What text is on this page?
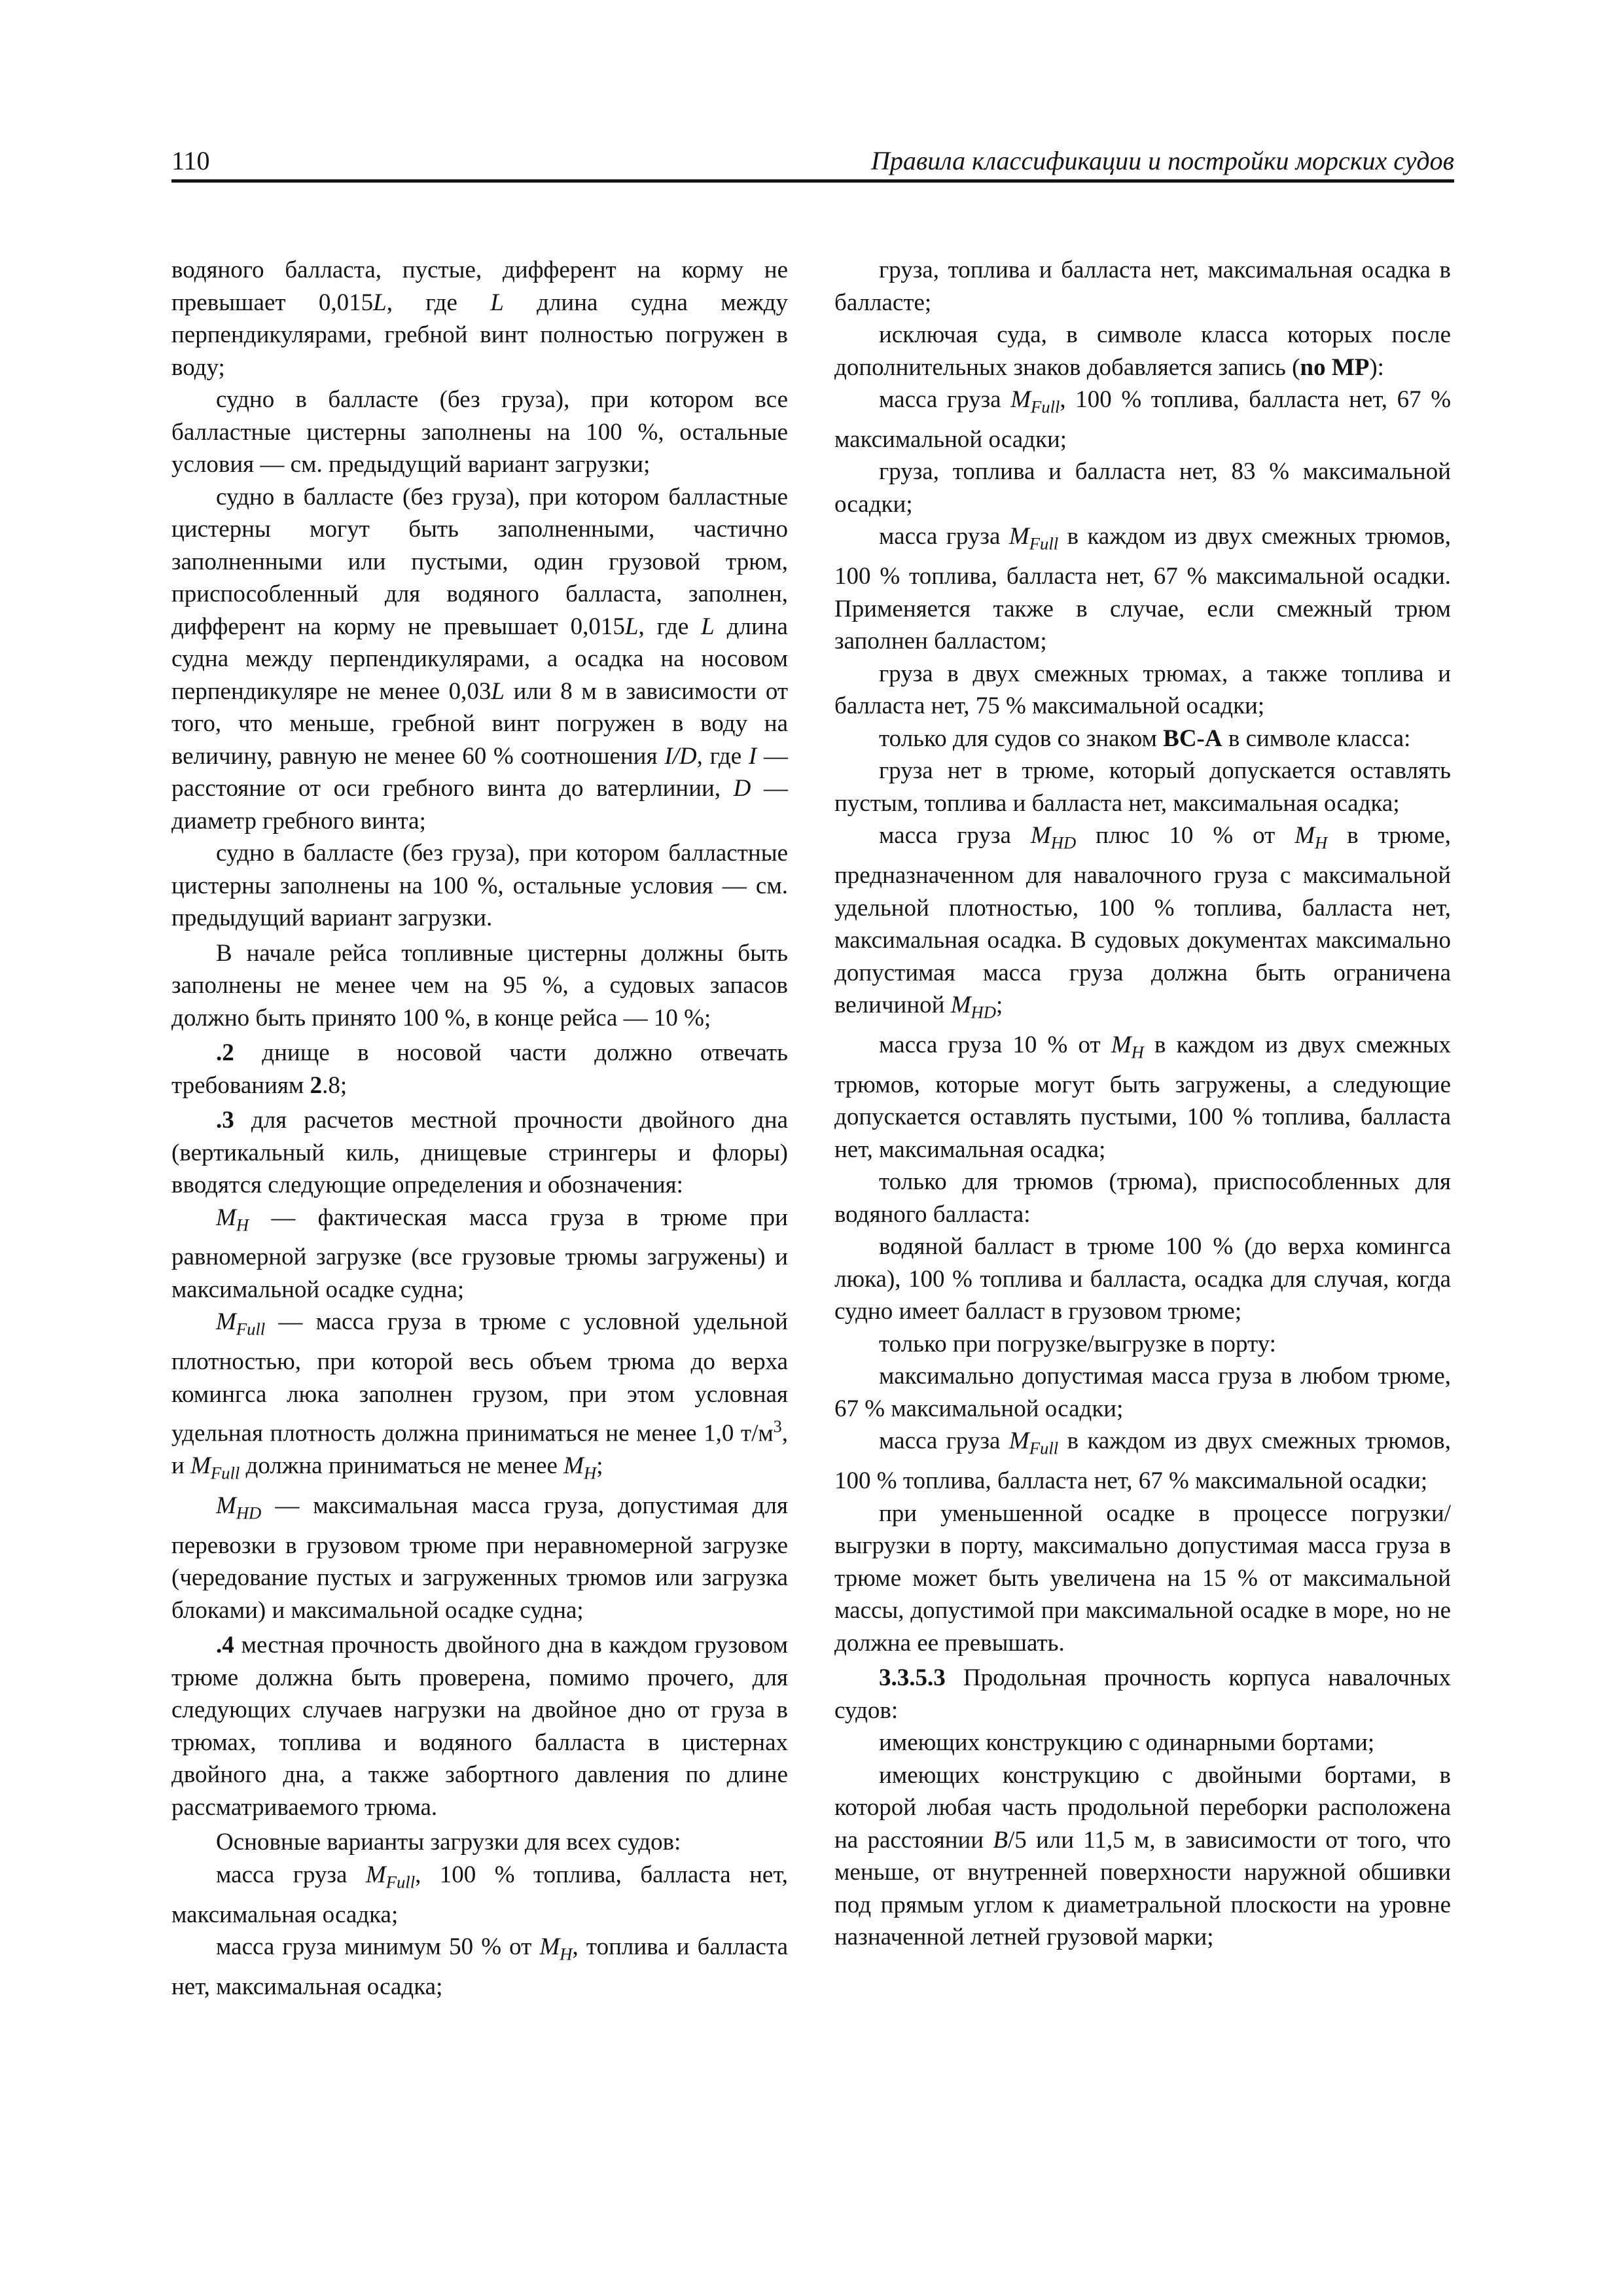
110	Правила классификации и постройки морских судов

водяного балласта, пустые, дифферент на корму не превышает 0,015L, где L длина судна между перпендикулярами, гребной винт полностью погружен в воду;

судно в балласте (без груза), при котором все балластные цистерны заполнены на 100 %, остальные условия — см. предыдущий вариант загрузки;

судно в балласте (без груза), при котором балластные цистерны могут быть заполненными, частично заполненными или пустыми, один грузовой трюм, приспособленный для водяного балласта, заполнен, дифферент на корму не превышает 0,015L, где L длина судна между перпендикулярами, а осадка на носовом перпендикуляре не менее 0,03L или 8 м в зависимости от того, что меньше, гребной винт погружен в воду на величину, равную не менее 60 % соотношения I/D, где I — расстояние от оси гребного винта до ватерлинии, D — диаметр гребного винта;

судно в балласте (без груза), при котором балластные цистерны заполнены на 100 %, остальные условия — см. предыдущий вариант загрузки.

В начале рейса топливные цистерны должны быть заполнены не менее чем на 95 %, а судовых запасов должно быть принято 100 %, в конце рейса — 10 %;

.2 днище в носовой части должно отвечать требованиям 2.8;

.3 для расчетов местной прочности двойного дна (вертикальный киль, днищевые стрингеры и флоры) вводятся следующие определения и обозначения:

$M_H$ — фактическая масса груза в трюме при равномерной загрузке (все грузовые трюмы загружены) и максимальной осадке судна;

$M_{Full}$ — масса груза в трюме с условной удельной плотностью, при которой весь объем трюма до верха комингса люка заполнен грузом, при этом условная удельная плотность должна приниматься не менее 1,0 $т/м^3$, и $M_{Full}$ должна приниматься не менее $M_H$;

$M_{HD}$ — максимальная масса груза, допустимая для перевозки в грузовом трюме при неравномерной загрузке (чередование пустых и загруженных трюмов или загрузка блоками) и максимальной осадке судна;

.4 местная прочность двойного дна в каждом грузовом трюме должна быть проверена, помимо прочего, для следующих случаев нагрузки на двойное дно от груза в трюмах, топлива и водяного балласта в цистернах двойного дна, а также забортного давления по длине рассматриваемого трюма.

Основные варианты загрузки для всех судов:

масса груза $M_{Full}$, 100 % топлива, балласта нет, максимальная осадка;

масса груза минимум 50 % от $M_H$, топлива и балласта нет, максимальная осадка;

груза, топлива и балласта нет, максимальная осадка в балласте;

исключая суда, в символе класса которых после дополнительных знаков добавляется запись (no MP):

масса груза $M_{Full}$, 100 % топлива, балласта нет, 67 % максимальной осадки;

груза, топлива и балласта нет, 83 % максимальной осадки;

масса груза $M_{Full}$ в каждом из двух смежных трюмов, 100 % топлива, балласта нет, 67 % максимальной осадки. Применяется также в случае, если смежный трюм заполнен балластом;

груза в двух смежных трюмах, а также топлива и балласта нет, 75 % максимальной осадки;

только для судов со знаком BC-A в символе класса:

груза нет в трюме, который допускается оставлять пустым, топлива и балласта нет, максимальная осадка;

масса груза $M_{HD}$ плюс 10 % от $M_H$ в трюме, предназначенном для навалочного груза с максимальной удельной плотностью, 100 % топлива, балласта нет, максимальная осадка. В судовых документах максимально допустимая масса груза должна быть ограничена величиной $M_{HD}$;

масса груза 10 % от $M_H$ в каждом из двух смежных трюмов, которые могут быть загружены, а следующие допускается оставлять пустыми, 100 % топлива, балласта нет, максимальная осадка;

только для трюмов (трюма), приспособленных для водяного балласта:

водяной балласт в трюме 100 % (до верха комингса люка), 100 % топлива и балласта, осадка для случая, когда судно имеет балласт в грузовом трюме;

только при погрузке/выгрузке в порту:

максимально допустимая масса груза в любом трюме, 67 % максимальной осадки;

масса груза $M_{Full}$ в каждом из двух смежных трюмов, 100 % топлива, балласта нет, 67 % максимальной осадки;

при уменьшенной осадке в процессе погрузки/выгрузки в порту, максимально допустимая масса груза в трюме может быть увеличена на 15 % от максимальной массы, допустимой при максимальной осадке в море, но не должна ее превышать.

3.3.5.3 Продольная прочность корпуса навалочных судов:

имеющих конструкцию с одинарными бортами;

имеющих конструкцию с двойными бортами, в которой любая часть продольной переборки расположена на расстоянии B/5 или 11,5 м, в зависимости от того, что меньше, от внутренней поверхности наружной обшивки под прямым углом к диаметральной плоскости на уровне назначенной летней грузовой марки;
